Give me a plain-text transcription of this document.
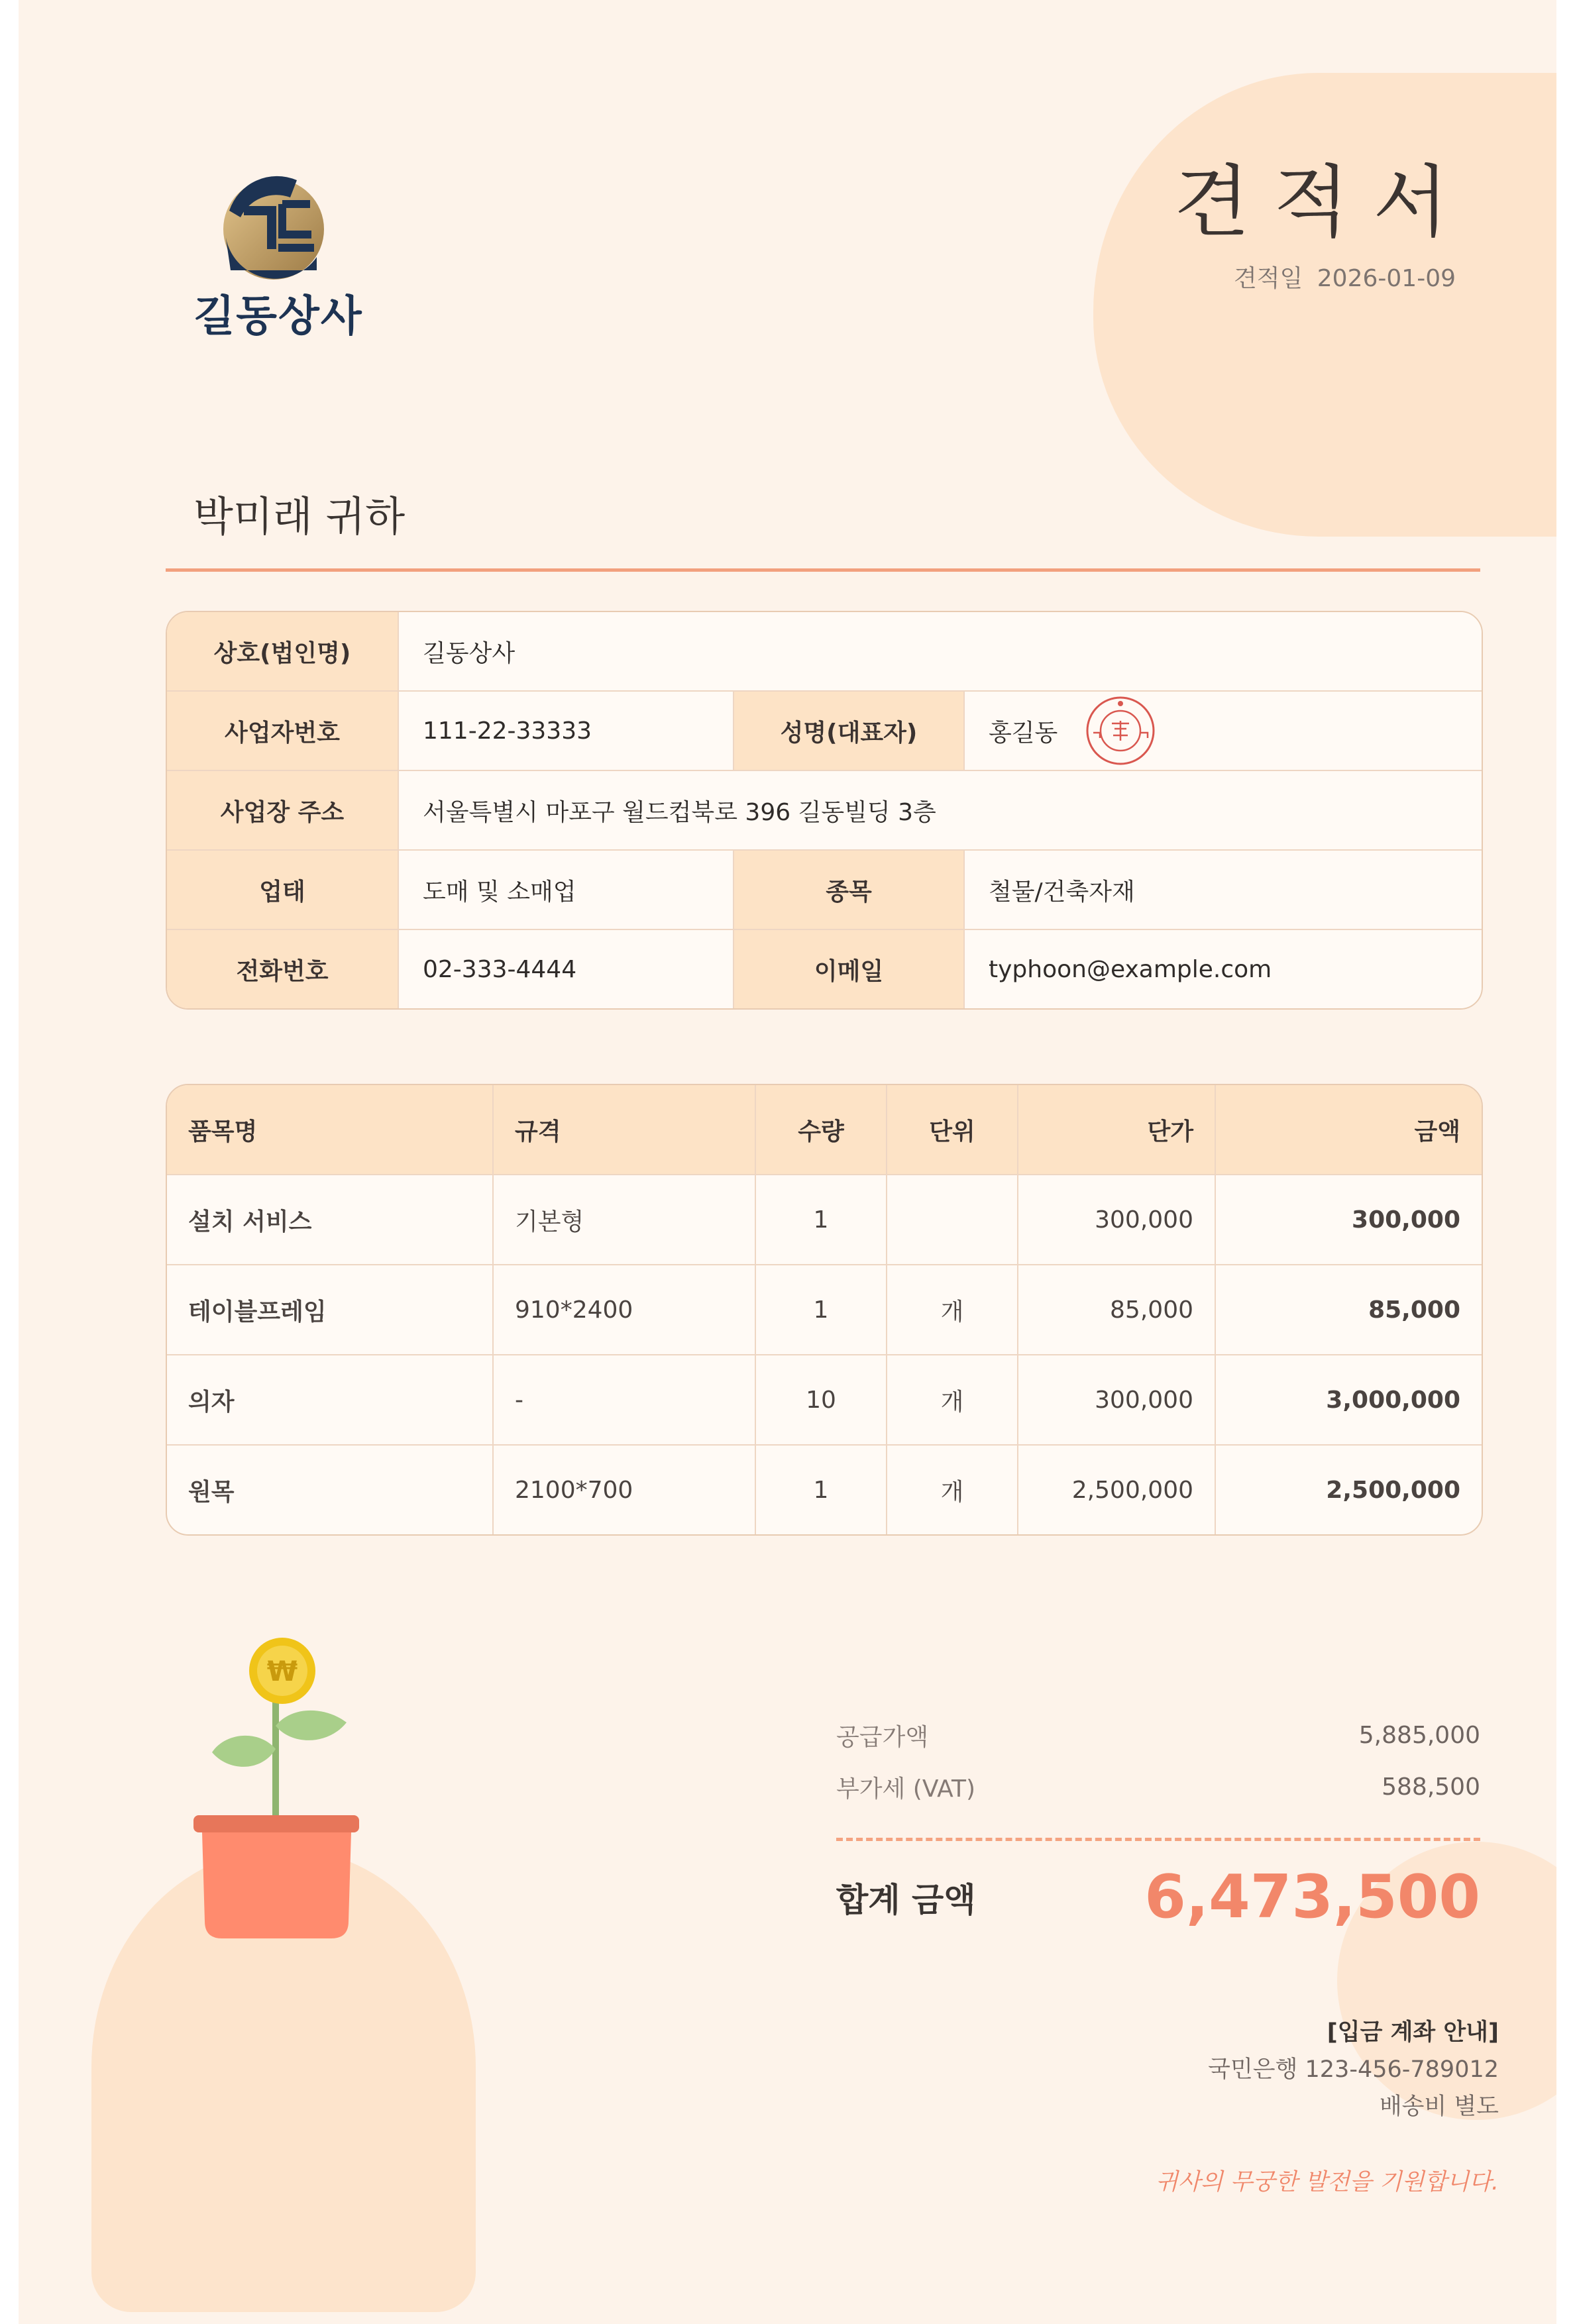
길동상사
견적서
견적일 2026-01-09
박미래 귀하
상호(법인명)	길동상사
사업자번호	111-22-33333	성명(대표자)	홍길동
사업장 주소	서울특별시 마포구 월드컵북로 396 길동빌딩 3층
업태	도매 및 소매업	종목	철물/건축자재
전화번호	02-333-4444	이메일	typhoon@example.com
품목명	규격	수량	단위	단가	금액
설치 서비스	기본형	1		300,000	300,000
테이블프레임	910*2400	1	개	85,000	85,000
의자	-	10	개	300,000	3,000,000
원목	2100*700	1	개	2,500,000	2,500,000
₩
공급가액	5,885,000
부가세 (VAT)	588,500
합계 금액	6,473,500
[입금 계좌 안내]
국민은행 123-456-789012
배송비 별도
귀사의 무궁한 발전을 기원합니다.
